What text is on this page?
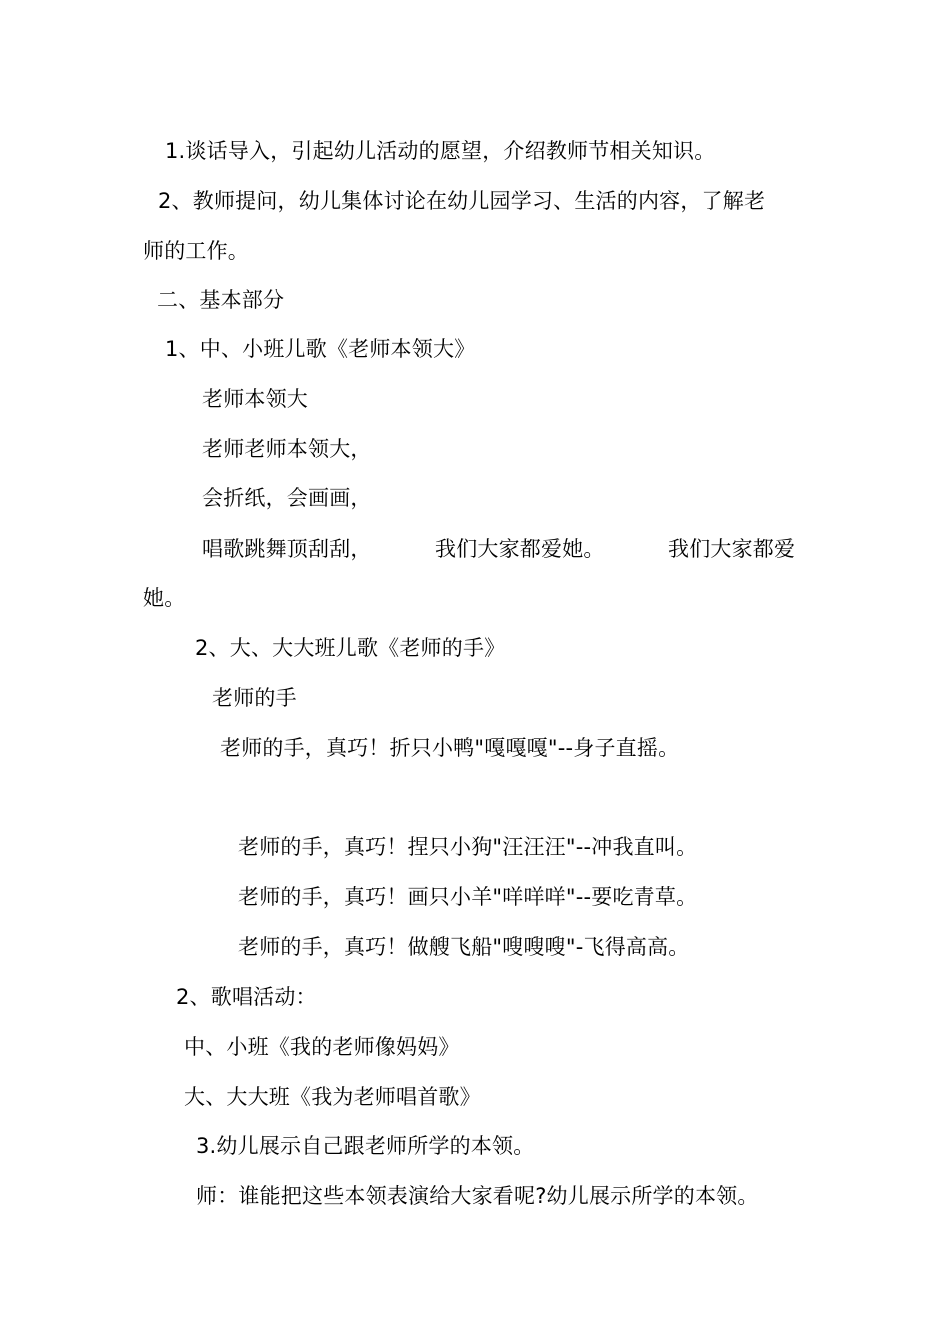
1.谈话导入，引起幼儿活动的愿望，介绍教师节相关知识。
2、教师提问，幼儿集体讨论在幼儿园学习、生活的内容，了解老
师的工作。
二、基本部分
1、中、小班儿歌《老师本领大》
老师本领大
老师老师本领大，
会折纸，会画画，
唱歌跳舞顶刮刮，	我们大家都爱她。	我们大家都爱
她。
2、大、大大班儿歌《老师的手》
老师的手
老师的手，真巧！折只小鸭"嘎嘎嘎"--身子直摇。
老师的手，真巧！捏只小狗"汪汪汪"--冲我直叫。
老师的手，真巧！画只小羊"咩咩咩"--要吃青草。
老师的手，真巧！做艘飞船"嗖嗖嗖"-飞得高高。
2、歌唱活动：
中、小班《我的老师像妈妈》
大、大大班《我为老师唱首歌》
3.幼儿展示自己跟老师所学的本领。
师：谁能把这些本领表演给大家看呢?幼儿展示所学的本领。
